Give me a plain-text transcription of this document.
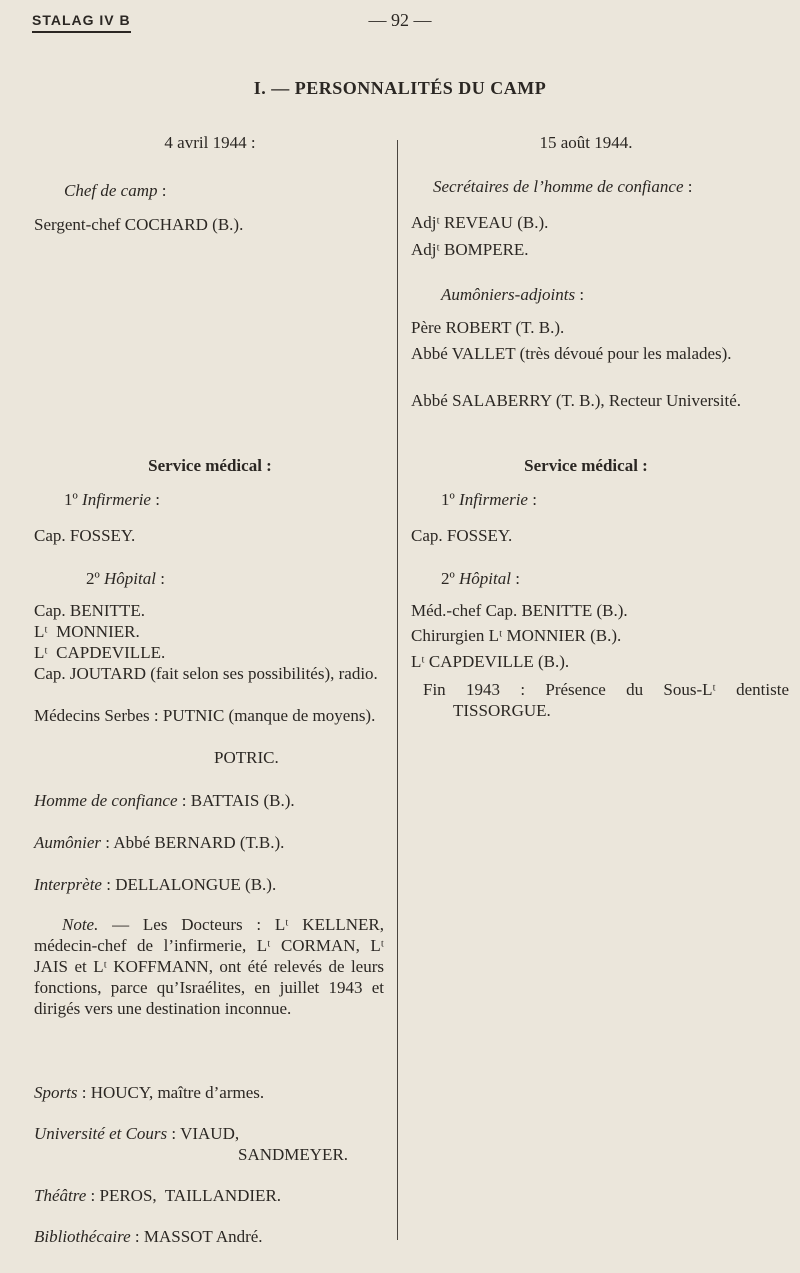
STALAG IV B	— 92 —
I. — PERSONNALITÉS DU CAMP

4 avril 1944 :

Chef de camp :

Sergent-chef COCHARD (B.).

Service médical :

1º Infirmerie :

Cap. FOSSEY.

2º Hôpital :

Cap. BENITTE.

Lᵗ  MONNIER.

Lᵗ  CAPDEVILLE.

Cap. JOUTARD (fait selon ses possibilités), radio.

Médecins Serbes : PUTNIC (manque de moyens).

POTRIC.

Homme de confiance : BATTAIS (B.).

Aumônier : Abbé BERNARD (T.B.).

Interprète : DELLALONGUE (B.).

Note. — Les Docteurs : Lᵗ KELLNER, médecin-chef de l’infirmerie, Lᵗ CORMAN, Lᵗ JAIS et Lᵗ KOFFMANN, ont été relevés de leurs fonctions, parce qu’Israélites, en juillet 1943 et dirigés vers une destination inconnue.

Sports : HOUCY, maître d’armes.

Université et Cours : VIAUD,

SANDMEYER.

Théâtre : PEROS,  TAILLANDIER.

Bibliothécaire : MASSOT André.

15 août 1944.

Secrétaires de l’homme de confiance :

Adjᵗ REVEAU (B.).

Adjᵗ BOMPERE.

Aumôniers-adjoints :

Père ROBERT (T. B.).

Abbé VALLET (très dévoué pour les malades).

Abbé SALABERRY (T. B.), Recteur Université.

Service médical :

1º Infirmerie :

Cap. FOSSEY.

2º Hôpital :

Méd.-chef Cap. BENITTE (B.).

Chirurgien Lᵗ MONNIER (B.).

Lᵗ CAPDEVILLE (B.).

Fin 1943 : Présence du Sous-Lᵗ dentiste TISSORGUE.
